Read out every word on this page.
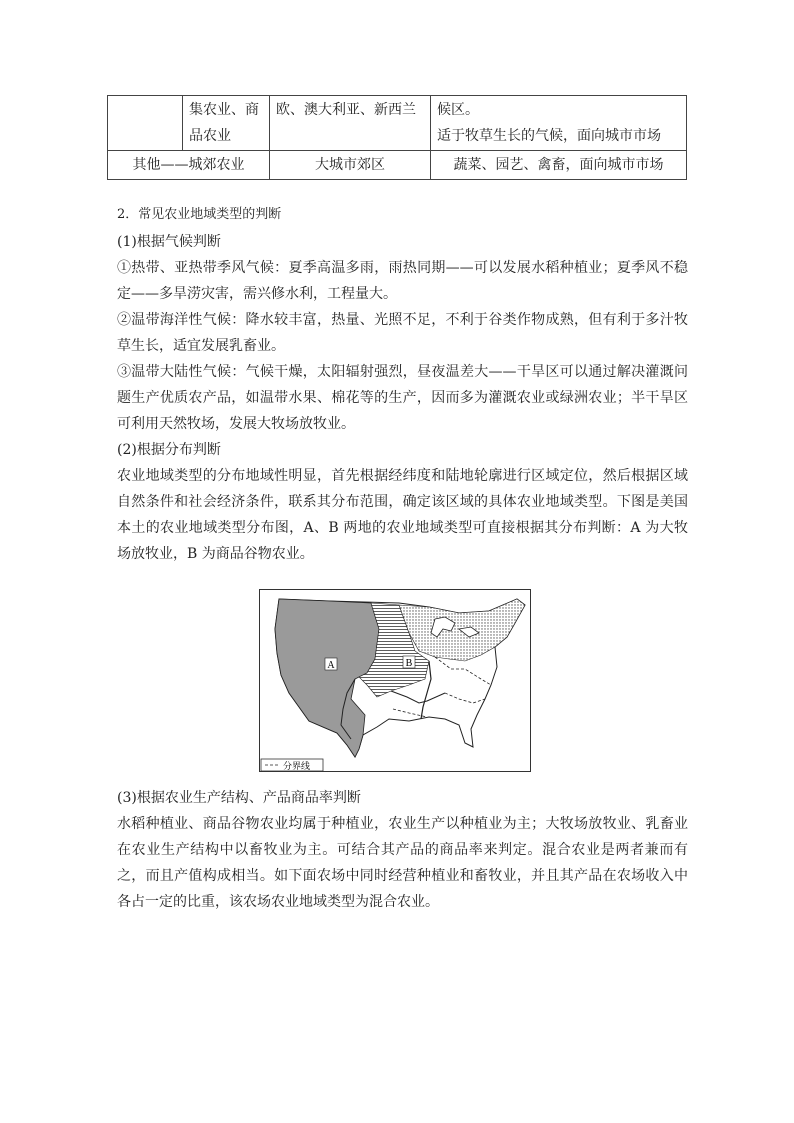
	集农业、商品农业	欧、澳大利亚、新西兰	候区。
适于牧草生长的气候，面向城市市场

其他——城郊农业		大城市郊区	蔬菜、园艺、禽畜，面向城市市场
2．常见农业地域类型的判断

(1)根据气候判断

①热带、亚热带季风气候：夏季高温多雨，雨热同期——可以发展水稻种植业；夏季风不稳定——多旱涝灾害，需兴修水利，工程量大。

②温带海洋性气候：降水较丰富，热量、光照不足，不利于谷类作物成熟，但有利于多汁牧草生长，适宜发展乳畜业。

③温带大陆性气候：气候干燥，太阳辐射强烈，昼夜温差大——干旱区可以通过解决灌溉问题生产优质农产品，如温带水果、棉花等的生产，因而多为灌溉农业或绿洲农业；半干旱区可利用天然牧场，发展大牧场放牧业。

(2)根据分布判断

农业地域类型的分布地域性明显，首先根据经纬度和陆地轮廓进行区域定位，然后根据区域自然条件和社会经济条件，联系其分布范围，确定该区域的具体农业地域类型。下图是美国本土的农业地域类型分布图，A、B 两地的农业地域类型可直接根据其分布判断：A 为大牧场放牧业，B 为商品谷物农业。

A	B
分界线

(3)根据农业生产结构、产品商品率判断

水稻种植业、商品谷物农业均属于种植业，农业生产以种植业为主；大牧场放牧业、乳畜业在农业生产结构中以畜牧业为主。可结合其产品的商品率来判定。混合农业是两者兼而有之，而且产值构成相当。如下面农场中同时经营种植业和畜牧业，并且其产品在农场收入中各占一定的比重，该农场农业地域类型为混合农业。
